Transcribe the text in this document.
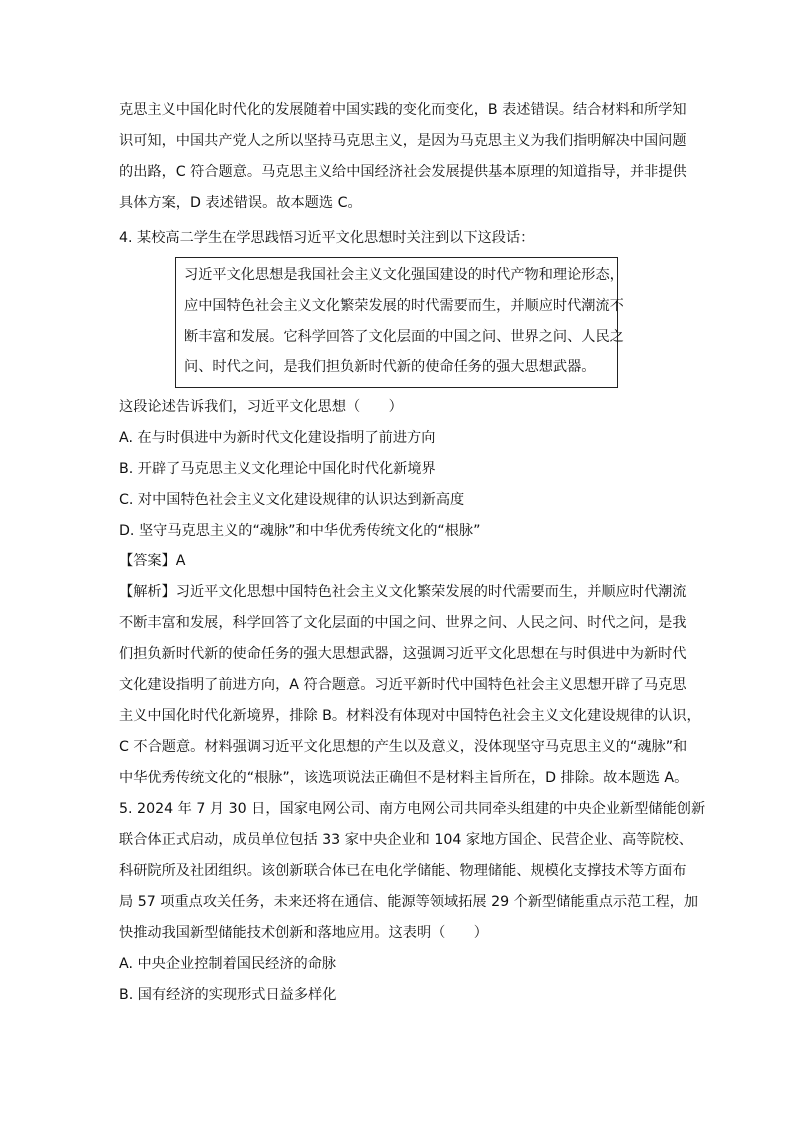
克思主义中国化时代化的发展随着中国实践的变化而变化，B 表述错误。结合材料和所学知
识可知，中国共产党人之所以坚持马克思主义，是因为马克思主义为我们指明解决中国问题
的出路，C 符合题意。马克思主义给中国经济社会发展提供基本原理的知道指导，并非提供
具体方案，D 表述错误。故本题选 C。
4. 某校高二学生在学思践悟习近平文化思想时关注到以下这段话：
习近平文化思想是我国社会主义文化强国建设的时代产物和理论形态，
应中国特色社会主义文化繁荣发展的时代需要而生，并顺应时代潮流不
断丰富和发展。它科学回答了文化层面的中国之问、世界之问、人民之
问、时代之问，是我们担负新时代新的使命任务的强大思想武器。
这段论述告诉我们，习近平文化思想（　　）
A. 在与时俱进中为新时代文化建设指明了前进方向
B. 开辟了马克思主义文化理论中国化时代化新境界
C. 对中国特色社会主义文化建设规律的认识达到新高度
D. 坚守马克思主义的“魂脉”和中华优秀传统文化的“根脉”
【答案】A
【解析】习近平文化思想中国特色社会主义文化繁荣发展的时代需要而生，并顺应时代潮流
不断丰富和发展，科学回答了文化层面的中国之问、世界之问、人民之问、时代之问，是我
们担负新时代新的使命任务的强大思想武器，这强调习近平文化思想在与时俱进中为新时代
文化建设指明了前进方向，A 符合题意。习近平新时代中国特色社会主义思想开辟了马克思
主义中国化时代化新境界，排除 B。材料没有体现对中国特色社会主义文化建设规律的认识，
C 不合题意。材料强调习近平文化思想的产生以及意义，没体现坚守马克思主义的“魂脉”和
中华优秀传统文化的“根脉”，该选项说法正确但不是材料主旨所在，D 排除。故本题选 A。
5. 2024 年 7 月 30 日，国家电网公司、南方电网公司共同牵头组建的中央企业新型储能创新
联合体正式启动，成员单位包括 33 家中央企业和 104 家地方国企、民营企业、高等院校、
科研院所及社团组织。该创新联合体已在电化学储能、物理储能、规模化支撑技术等方面布
局 57 项重点攻关任务，未来还将在通信、能源等领域拓展 29 个新型储能重点示范工程，加
快推动我国新型储能技术创新和落地应用。这表明（　　）
A. 中央企业控制着国民经济的命脉
B. 国有经济的实现形式日益多样化
